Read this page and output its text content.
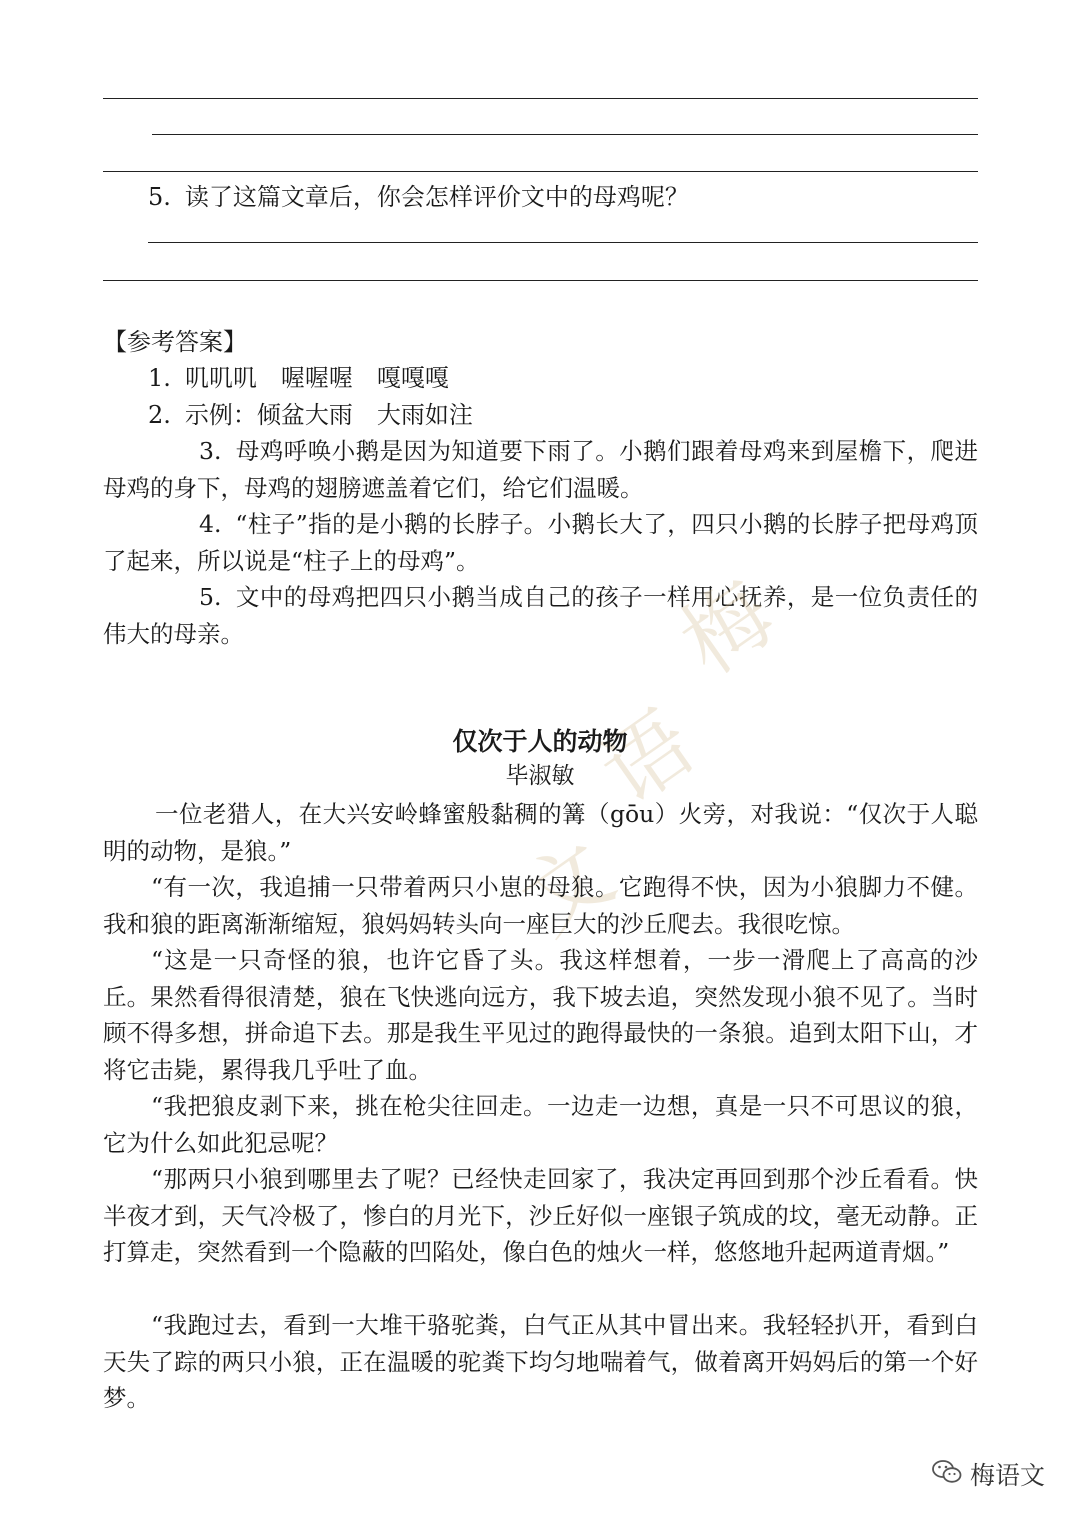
5. 读了这篇文章后，你会怎样评价文中的母鸡呢？
【参考答案】
1. 叽叽叽　喔喔喔　嘎嘎嘎
2. 示例：倾盆大雨　大雨如注
3. 母鸡呼唤小鹅是因为知道要下雨了。小鹅们跟着母鸡来到屋檐下，爬进母鸡的身下，母鸡的翅膀遮盖着它们，给它们温暖。
4. “柱子”指的是小鹅的长脖子。小鹅长大了，四只小鹅的长脖子把母鸡顶了起来，所以说是“柱子上的母鸡”。
5. 文中的母鸡把四只小鹅当成自己的孩子一样用心抚养，是一位负责任的伟大的母亲。	梅
语
文
仅次于人的动物
毕淑敏
一位老猎人，在大兴安岭蜂蜜般黏稠的篝（gōu）火旁，对我说：“仅次于人聪明的动物，是狼。”
“有一次，我追捕一只带着两只小崽的母狼。它跑得不快，因为小狼脚力不健。我和狼的距离渐渐缩短，狼妈妈转头向一座巨大的沙丘爬去。我很吃惊。
“这是一只奇怪的狼，也许它昏了头。我这样想着，一步一滑爬上了高高的沙丘。果然看得很清楚，狼在飞快逃向远方，我下坡去追，突然发现小狼不见了。当时顾不得多想，拼命追下去。那是我生平见过的跑得最快的一条狼。追到太阳下山，才将它击毙，累得我几乎吐了血。
“我把狼皮剥下来，挑在枪尖往回走。一边走一边想，真是一只不可思议的狼，它为什么如此犯忌呢？
“那两只小狼到哪里去了呢？已经快走回家了，我决定再回到那个沙丘看看。快半夜才到，天气冷极了，惨白的月光下，沙丘好似一座银子筑成的坟，毫无动静。正打算走，突然看到一个隐蔽的凹陷处，像白色的烛火一样，悠悠地升起两道青烟。”
“我跑过去，看到一大堆干骆驼粪，白气正从其中冒出来。我轻轻扒开，看到白天失了踪的两只小狼，正在温暖的驼粪下均匀地喘着气，做着离开妈妈后的第一个好梦。
梅语文
